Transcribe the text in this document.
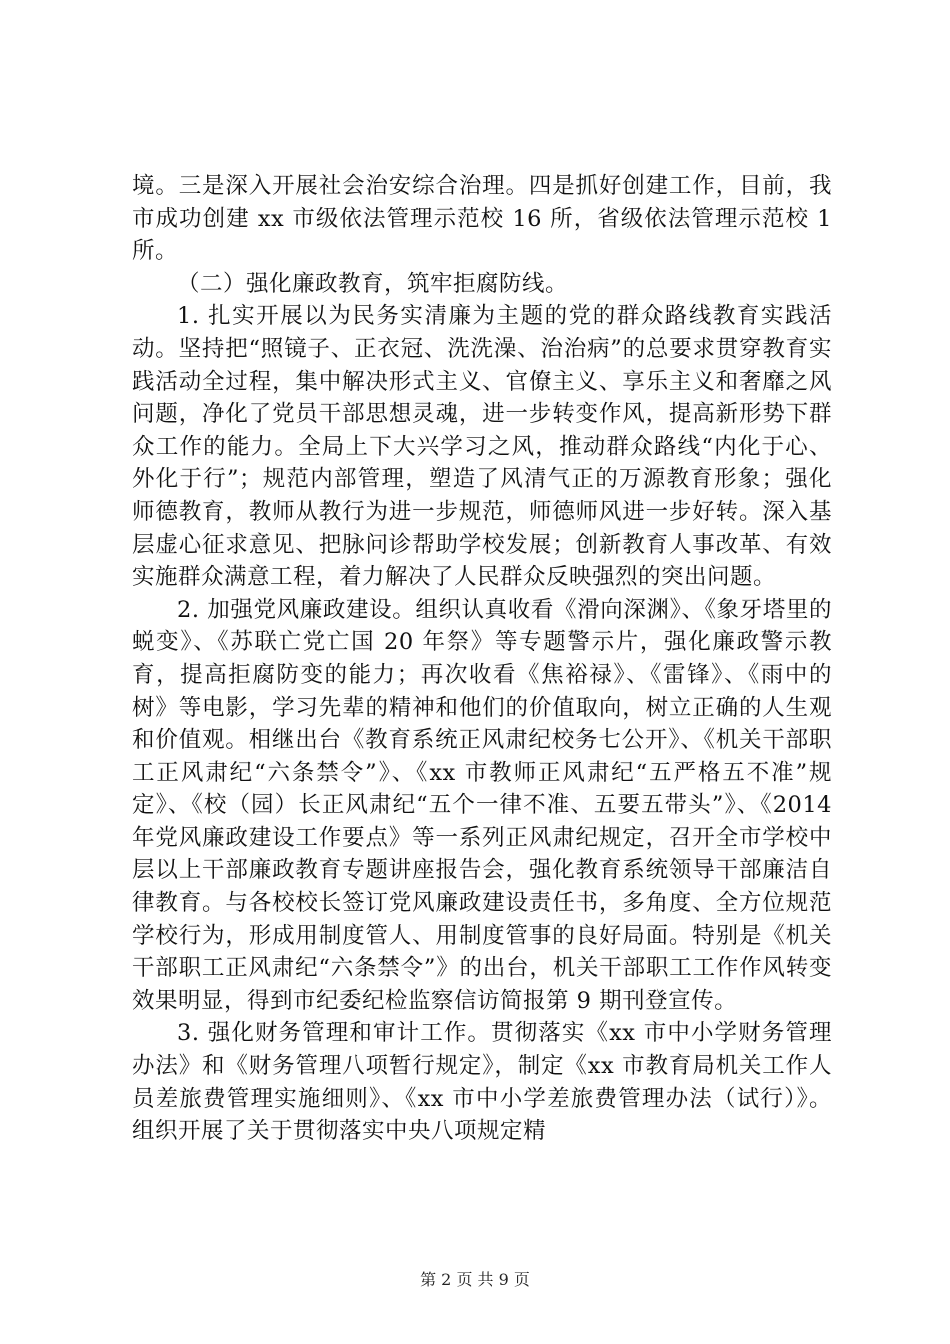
境。三是深入开展社会治安综合治理。四是抓好创建工作，目前，我市成功创建 xx 市级依法管理示范校 16 所，省级依法管理示范校 1 所。

（二）强化廉政教育，筑牢拒腐防线。

1. 扎实开展以为民务实清廉为主题的党的群众路线教育实践活动。坚持把“照镜子、正衣冠、洗洗澡、治治病”的总要求贯穿教育实践活动全过程，集中解决形式主义、官僚主义、享乐主义和奢靡之风问题，净化了党员干部思想灵魂，进一步转变作风，提高新形势下群众工作的能力。全局上下大兴学习之风，推动群众路线“内化于心、外化于行”；规范内部管理，塑造了风清气正的万源教育形象；强化师德教育，教师从教行为进一步规范，师德师风进一步好转。深入基层虚心征求意见、把脉问诊帮助学校发展；创新教育人事改革、有效实施群众满意工程，着力解决了人民群众反映强烈的突出问题。

2. 加强党风廉政建设。组织认真收看《滑向深渊》、《象牙塔里的蜕变》、《苏联亡党亡国 20 年祭》等专题警示片，强化廉政警示教育，提高拒腐防变的能力；再次收看《焦裕禄》、《雷锋》、《雨中的树》等电影，学习先辈的精神和他们的价值取向，树立正确的人生观和价值观。相继出台《教育系统正风肃纪校务七公开》、《机关干部职工正风肃纪“六条禁令”》、《xx 市教师正风肃纪“五严格五不准”规定》、《校（园）长正风肃纪“五个一律不准、五要五带头”》、《2014 年党风廉政建设工作要点》等一系列正风肃纪规定，召开全市学校中层以上干部廉政教育专题讲座报告会，强化教育系统领导干部廉洁自律教育。与各校校长签订党风廉政建设责任书，多角度、全方位规范学校行为，形成用制度管人、用制度管事的良好局面。特别是《机关干部职工正风肃纪“六条禁令”》的出台，机关干部职工工作作风转变效果明显，得到市纪委纪检监察信访简报第 9 期刊登宣传。

3. 强化财务管理和审计工作。贯彻落实《xx 市中小学财务管理办法》和《财务管理八项暂行规定》，制定《xx 市教育局机关工作人员差旅费管理实施细则》、《xx 市中小学差旅费管理办法（试行）》。组织开展了关于贯彻落实中央八项规定精

第 2 页 共 9 页
